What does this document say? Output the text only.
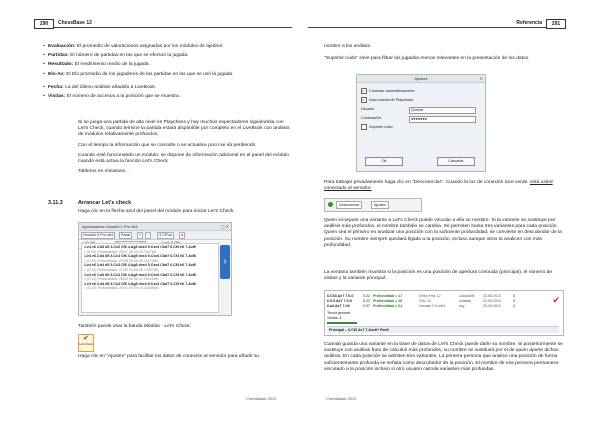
290	ChessBase 12

• Evaluación: El promedio de valoraciones asignadas por los módulos de ajedrez.

• Partidas: El número de partidas en las que se efectuó la jugada.

• Resultado: El rendimiento medio de la jugada.

• Elo-Av: El Elo promedio de los jugadores de las partidas en las que se usó la jugada.

• Fecha: La del último análisis añadido a LiveBook.

• Visitas: El número de accesos a la posición que se muestra.

Si se juega una partida de alto nivel en Playchess y hay muchos espectadores siguiéndola con Let's Check, cuando termine la partida estará disponible por completo en el LiveBook con análisis de módulos relativamente profundos.

Con el tiempo la información que se consulte o se actualice poco se irá perdiendo.

Cuando esté funcionando un módulo, se dispone de información adicional en el panel del módulo cuando está activa la función Let's Check

Tableros en miniatura...

3.11.3	Arrancar Let's check
Haga clic en la flecha azul del panel del módulo para iniciar Let's Check.
Apuntadores Houdini 1 Pro x64	▢ ✕
Houdini 3 Pro x64	Parar	+	−	3 CPUs	●
1.e4 e6 2.d4 d5 3.Cc3 Cf6 4.Ag5 dxe4 5.Cxe4 Cbd7 6.Cf3 h6 7.Axf6
= (0.24) Profundidad: 26/37 00:00:03 7807kN
1.e4 e6 2.d4 d5 3.Cc3 Cf6 4.Ag5 dxe4 5.Cxe4 Cbd7 6.Cf3 h6 7.Axf6
= (0.24) Profundidad: 27/38 00:00:05 11873kN
1.e4 e6 2.d4 d5 3.Cc3 Cf6 4.Ag5 dxe4 5.Cxe4 Cbd7 6.Cf3 h6 7.Axf6
= (0.24) Profundidad: 27/39 00:00:08 17927kN
1.e4 e6 2.d4 d5 3.Cc3 Cf6 4.Ag5 dxe4 5.Cxe4 Cbd7 6.Cf3 h6 7.Axf6
= (0.24) Profundidad: 28/40 00:00:11 26441kN
1.e4 e6 2.d4 d5 3.Cc3 Cf6 4.Ag5 dxe4 5.Cxe4 Cbd7 6.Cf3 h6 7.Axf6
= (0.24) Profundidad: 29/41 00:00:15 42400kN
›
También puede usar la banda Módulo - Let's Check.
✔
Let's Check
Haga clic en "Ajustes" para facilitar los datos de conexión al servidor para añadir su
ChessBase 2012
Referencia	291
nombre a los análisis.
"Suprimir ruido" sirve para filtrar las jugadas menos relevantes en la presentación de los datos.
Ajustes	✕
✔ Conectar automáticamente
✔ Usar cuenta de Playchess
Usuario	Questa
Contraseña	●●●●●●●
Suprimir ruido
Ok	Cancelar
Para trabajar privadamente haga clic en "Desconectar". Cuando la luz de conexión luce verde, está usted conectado al servidor.
Desconectar	Ajustes
Quien incorpore una variante a Let's Check puede vincular a ella su nombre. Si la variante se sustituye por análisis más profundos, el nombre también se cambia. Se permiten hasta tres variantes para cada posición. Quien sea el primero en analizar una posición con la suficiente profundidad, se convierte en descubridor de la posición. Su nombre siempre quedará ligado a la posición, incluso aunque otros la analicen con más profundidad.
La ventana también muestra si la posición es una posición de apertura conocida (principal), el número de visitas y la variante principal.
6.Ch3 Ae7 7.0-0	0.22 Profundidad = 27	Deep Fritz 12	Juhasz08 23.06.2012	5
6.0-0 Ae7 7.0-0	0.22 Profundidad = 28	Fritz 12	chiakak	22.06.2012	9
6.a4 Ae7 7.h3	0.07 Profundidad = 24	Houdini 2.0 w64	sey	20.06.2012	2
Teoría general
Visitas: 8
Principal – 6.Cf3 Ae7 7.Axe6+ Rxe6
✔
Cuando guarda una variante en la base de datos de Let's Check puede darle su nombre. Si posteriormente se sustituye con análisis fruto de cálculos más profundos, su nombre se sustituirá por el de quien aporte dichos análisis. En cada posición se admiten tres variantes. La primera persona que analice una posición de forma suficientemente profunda se señala como descubridor de la posición. El nombre de esa persona permanece vinculado a la posición incluso si otro usuario calcula variantes más profundas.
ChessBase 2012
